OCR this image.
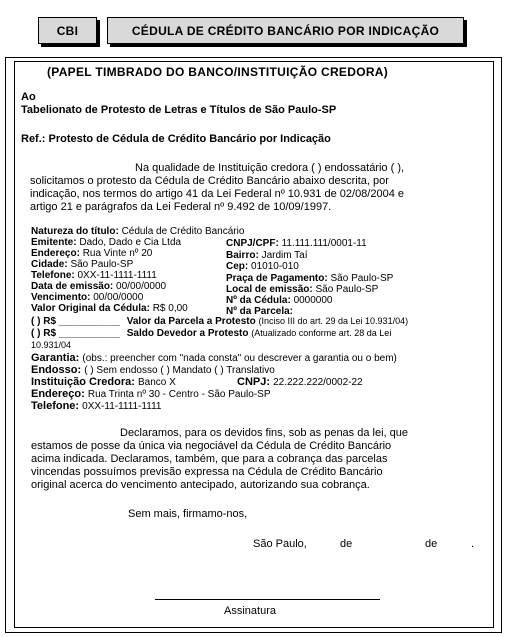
CBI	CÉDULA DE CRÉDITO BANCÁRIO POR INDICAÇÃO
(PAPEL TIMBRADO DO BANCO/INSTITUIÇÃO CREDORA)
Ao
Tabelionato de Protesto de Letras e Títulos de São Paulo-SP
Ref.: Protesto de Cédula de Crédito Bancário por Indicação
Na qualidade de Instituição credora ( ) endossatário ( ),
solicitamos o protesto da Cédula de Crédito Bancário abaixo descrita, por
indicação, nos termos do artigo 41 da Lei Federal nº 10.931 de 02/08/2004 e
artigo 21 e parágrafos da Lei Federal nº 9.492 de 10/09/1997.
Natureza do título: Cédula de Crédito Bancário
Emitente: Dado, Dado e Cia Ltda	CNPJ/CPF: 11.111.111/0001-11
Endereço: Rua Vinte nº 20	Bairro: Jardim Taí
Cidade: São Paulo-SP	Cep: 01010-010
Telefone: 0XX-11-1111-1111	Praça de Pagamento: São Paulo-SP
Data de emissão: 00/00/0000	Local de emissão: São Paulo-SP
Vencimento: 00/00/0000	Nº da Cédula: 0000000
Valor Original da Cédula: R$ 0,00	Nº da Parcela:
( ) R$ ___________ Valor da Parcela a Protesto (Inciso III do art. 29 da Lei 10.931/04)
( ) R$ ___________ Saldo Devedor a Protesto (Atualizado conforme art. 28 da Lei
10.931/04
Garantia: (obs.: preencher com "nada consta" ou descrever a garantia ou o bem)
Endosso: ( ) Sem endosso ( ) Mandato ( ) Translativo
Instituição Credora: Banco X	CNPJ: 22.222.222/0002-22
Endereço: Rua Trinta nº 30 - Centro - São Paulo-SP
Telefone: 0XX-11-1111-1111
Declaramos, para os devidos fins, sob as penas da lei, que
estamos de posse da única via negociável da Cédula de Crédito Bancário
acima indicada. Declaramos, também, que para a cobrança das parcelas
vincendas possuímos previsão expressa na Cédula de Crédito Bancário
original acerca do vencimento antecipado, autorizando sua cobrança.
Sem mais, firmamo-nos,
São Paulo,	de	de	.
Assinatura
